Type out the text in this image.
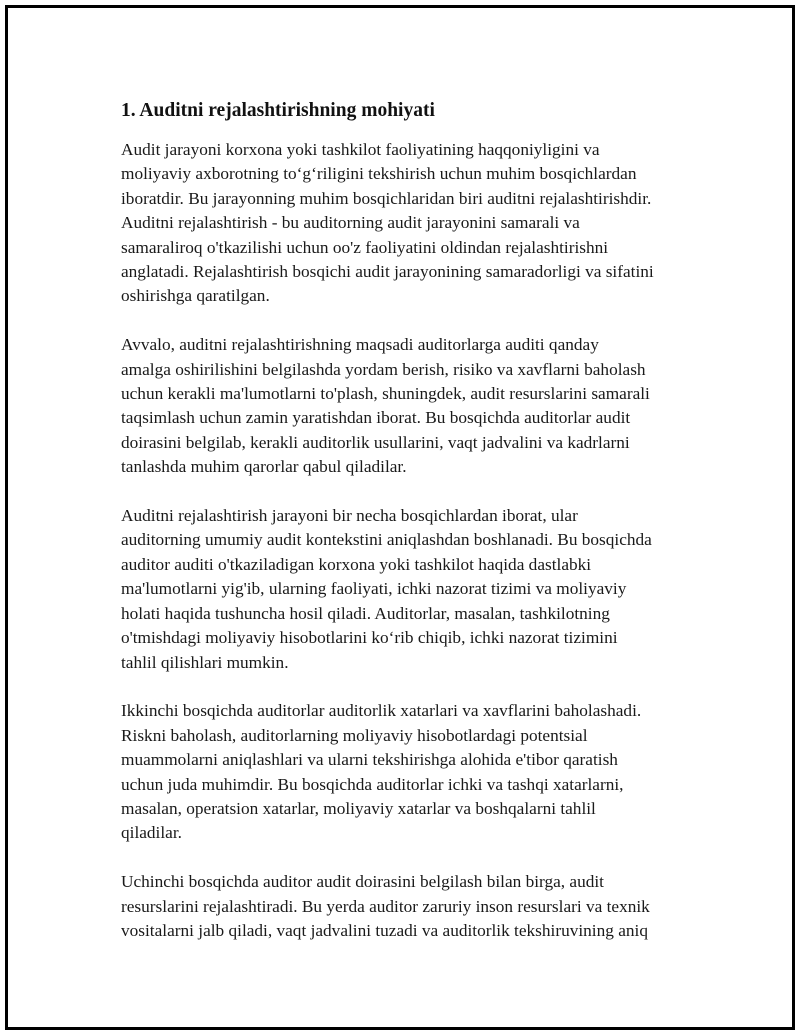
1. Auditni rejalashtirishning mohiyati

Audit jarayoni korxona yoki tashkilot faoliyatining haqqoniyligini va
moliyaviy axborotning to‘g‘riligini tekshirish uchun muhim bosqichlardan
iboratdir. Bu jarayonning muhim bosqichlaridan biri auditni rejalashtirishdir.
Auditni rejalashtirish - bu auditorning audit jarayonini samarali va
samaraliroq o'tkazilishi uchun oo'z faoliyatini oldindan rejalashtirishni
anglatadi. Rejalashtirish bosqichi audit jarayonining samaradorligi va sifatini
oshirishga qaratilgan.

Avvalo, auditni rejalashtirishning maqsadi auditorlarga auditi qanday
amalga oshirilishini belgilashda yordam berish, risiko va xavflarni baholash
uchun kerakli ma'lumotlarni to'plash, shuningdek, audit resurslarini samarali
taqsimlash uchun zamin yaratishdan iborat. Bu bosqichda auditorlar audit
doirasini belgilab, kerakli auditorlik usullarini, vaqt jadvalini va kadrlarni
tanlashda muhim qarorlar qabul qiladilar.

Auditni rejalashtirish jarayoni bir necha bosqichlardan iborat, ular
auditorning umumiy audit kontekstini aniqlashdan boshlanadi. Bu bosqichda
auditor auditi o'tkaziladigan korxona yoki tashkilot haqida dastlabki
ma'lumotlarni yig'ib, ularning faoliyati, ichki nazorat tizimi va moliyaviy
holati haqida tushuncha hosil qiladi. Auditorlar, masalan, tashkilotning
o'tmishdagi moliyaviy hisobotlarini ko‘rib chiqib, ichki nazorat tizimini
tahlil qilishlari mumkin.

Ikkinchi bosqichda auditorlar auditorlik xatarlari va xavflarini baholashadi.
Riskni baholash, auditorlarning moliyaviy hisobotlardagi potentsial
muammolarni aniqlashlari va ularni tekshirishga alohida e'tibor qaratish
uchun juda muhimdir. Bu bosqichda auditorlar ichki va tashqi xatarlarni,
masalan, operatsion xatarlar, moliyaviy xatarlar va boshqalarni tahlil
qiladilar.

Uchinchi bosqichda auditor audit doirasini belgilash bilan birga, audit
resurslarini rejalashtiradi. Bu yerda auditor zaruriy inson resurslari va texnik
vositalarni jalb qiladi, vaqt jadvalini tuzadi va auditorlik tekshiruvining aniq
